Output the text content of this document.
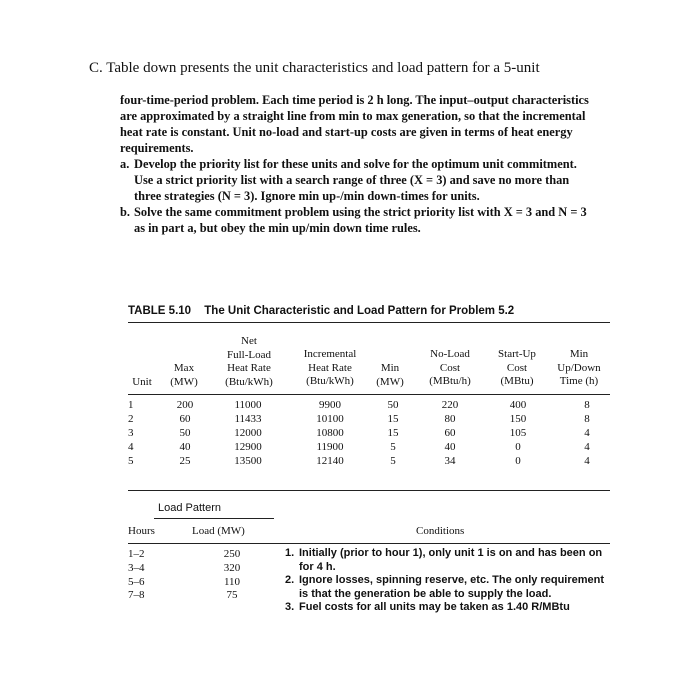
C. Table down presents the unit characteristics and load pattern for a 5-unit

four-time-period problem. Each time period is 2 h long. The input–output characteristics are approximated by a straight line from min to max generation, so that the incremental heat rate is constant. Unit no-load and start-up costs are given in terms of heat energy requirements.

a. Develop the priority list for these units and solve for the optimum unit commitment. Use a strict priority list with a search range of three (X = 3) and save no more than three strategies (N = 3). Ignore min up-/min down-times for units.
b. Solve the same commitment problem using the strict priority list with X = 3 and N = 3 as in part a, but obey the min up/min down time rules.
TABLE 5.10 The Unit Characteristic and Load Pattern for Problem 5.2
Unit
Max
(MW)
Net
Full-Load
Heat Rate
(Btu/kWh)
Incremental
Heat Rate
(Btu/kWh)
Min
(MW)
No-Load
Cost
(MBtu/h)
Start-Up
Cost
(MBtu)
Min
Up/Down
Time (h)
1
2
3
4
5
200
60
50
40
25
11000
11433
12000
12900
13500
9900
10100
10800
11900
12140
50
15
15
5
5
220
80
60
40
34
400
150
105
0
0
8
8
4
4
4
Load Pattern
Hours	Load (MW)	Conditions
1–2
3–4
5–6
7–8
250
320
110
75
1. Initially (prior to hour 1), only unit 1 is on and has been on for 4 h.
2. Ignore losses, spinning reserve, etc. The only requirement is that the generation be able to supply the load.
3. Fuel costs for all units may be taken as 1.40 R/MBtu
